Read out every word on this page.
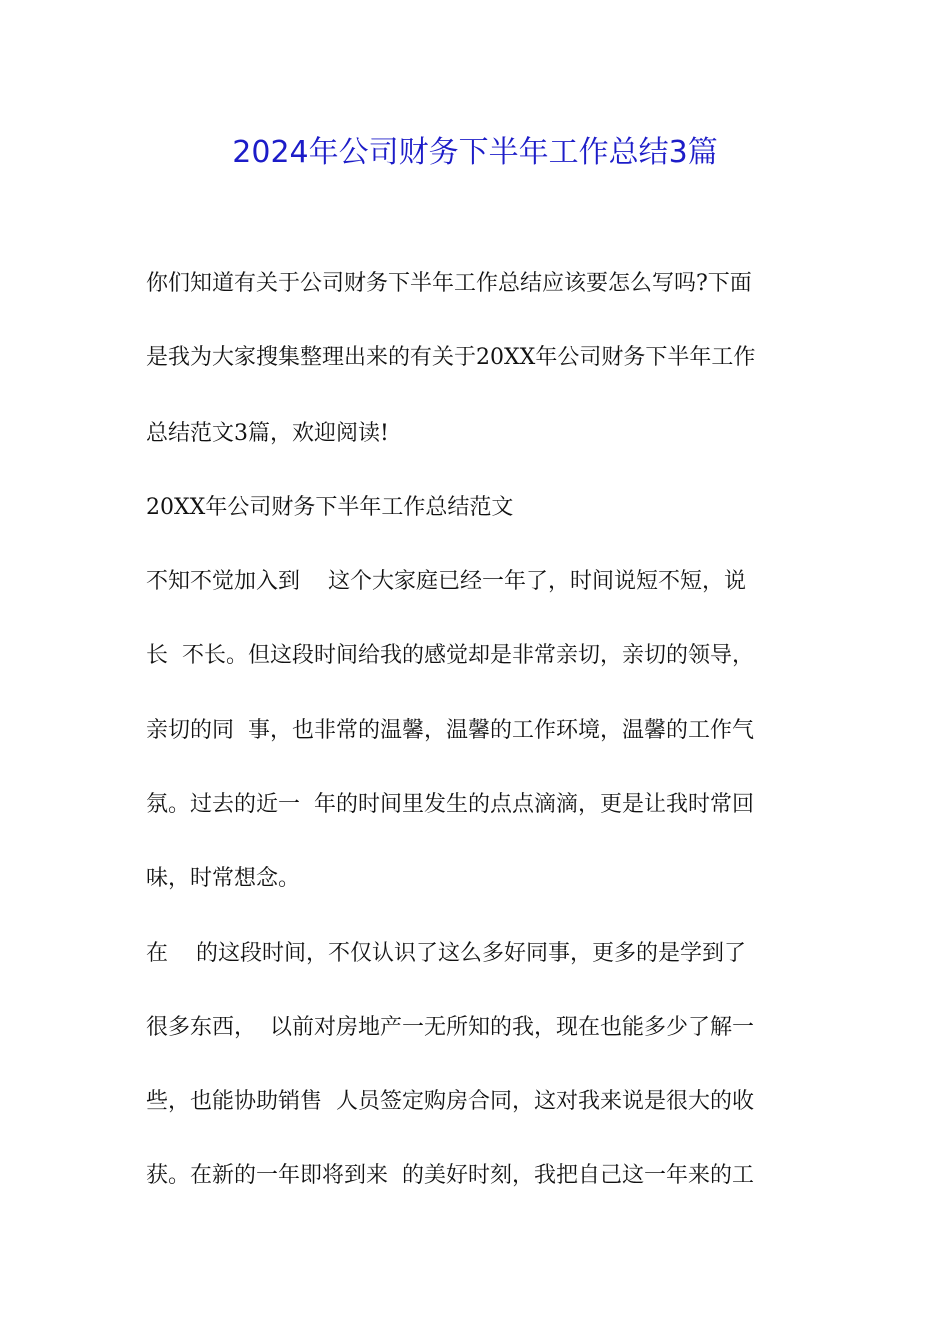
2024年公司财务下半年工作总结3篇

你们知道有关于公司财务下半年工作总结应该要怎么写吗?下面

是我为大家搜集整理出来的有关于20XX年公司财务下半年工作

总结范文3篇，欢迎阅读!

20XX年公司财务下半年工作总结范文

不知不觉加入到    这个大家庭已经一年了，时间说短不短，说

长  不长。但这段时间给我的感觉却是非常亲切，亲切的领导，

亲切的同  事，也非常的温馨，温馨的工作环境，温馨的工作气

氛。过去的近一  年的时间里发生的点点滴滴，更是让我时常回

味，时常想念。

在    的这段时间，不仅认识了这么多好同事，更多的是学到了

很多东西，  以前对房地产一无所知的我，现在也能多少了解一

些，也能协助销售  人员签定购房合同，这对我来说是很大的收

获。在新的一年即将到来  的美好时刻，我把自己这一年来的工
